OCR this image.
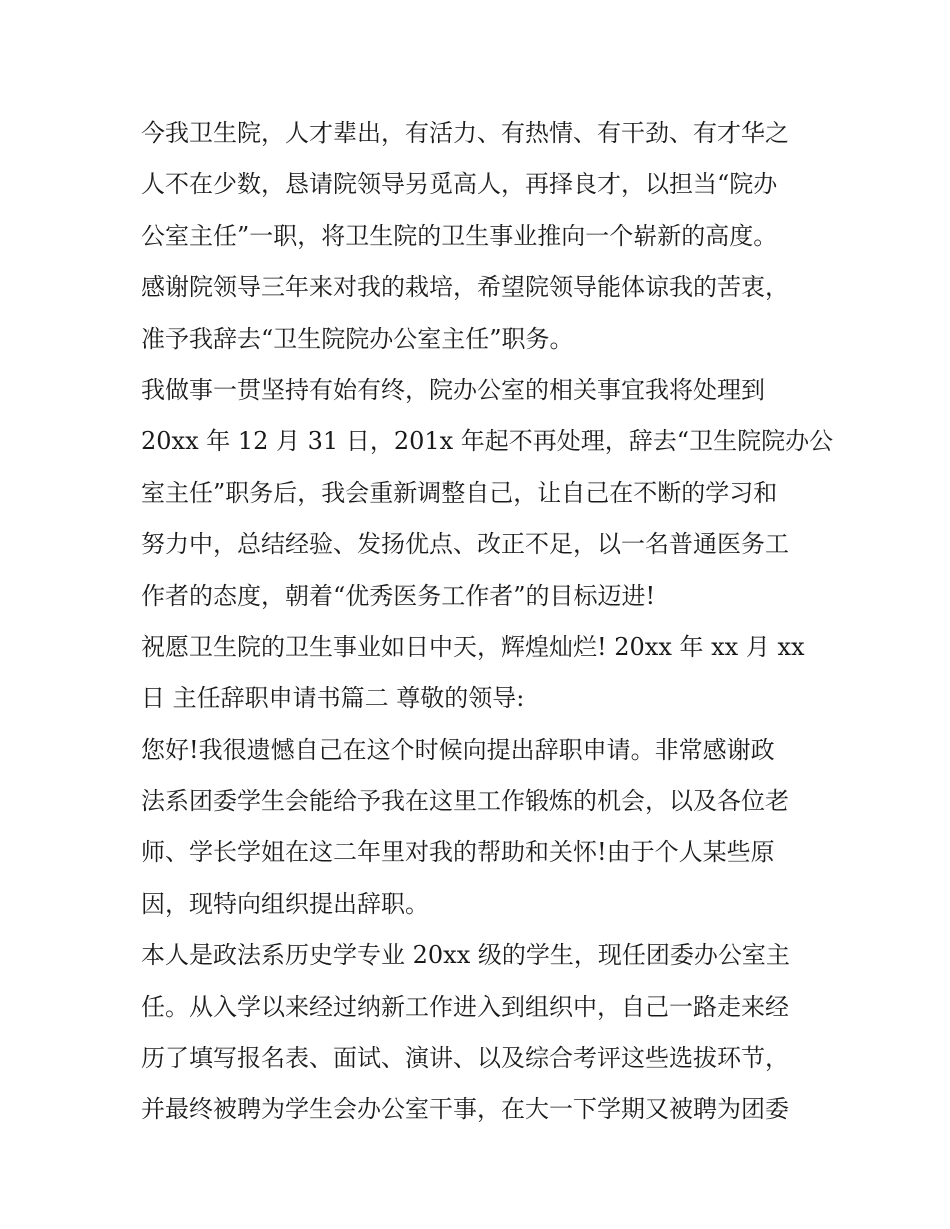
今我卫生院，人才辈出，有活力、有热情、有干劲、有才华之
人不在少数，恳请院领导另觅高人，再择良才，以担当“院办
公室主任”一职，将卫生院的卫生事业推向一个崭新的高度。
感谢院领导三年来对我的栽培，希望院领导能体谅我的苦衷，
准予我辞去“卫生院院办公室主任”职务。
我做事一贯坚持有始有终，院办公室的相关事宜我将处理到
20xx 年 12 月 31 日，201x 年起不再处理，辞去“卫生院院办公
室主任”职务后，我会重新调整自己，让自己在不断的学习和
努力中，总结经验、发扬优点、改正不足，以一名普通医务工
作者的态度，朝着“优秀医务工作者”的目标迈进!
祝愿卫生院的卫生事业如日中天，辉煌灿烂! 20xx 年 xx 月 xx
日 主任辞职申请书篇二 尊敬的领导:
您好!我很遗憾自己在这个时候向提出辞职申请。非常感谢政
法系团委学生会能给予我在这里工作锻炼的机会，以及各位老
师、学长学姐在这二年里对我的帮助和关怀!由于个人某些原
因，现特向组织提出辞职。
本人是政法系历史学专业 20xx 级的学生，现任团委办公室主
任。从入学以来经过纳新工作进入到组织中，自己一路走来经
历了填写报名表、面试、演讲、以及综合考评这些选拔环节，
并最终被聘为学生会办公室干事，在大一下学期又被聘为团委
